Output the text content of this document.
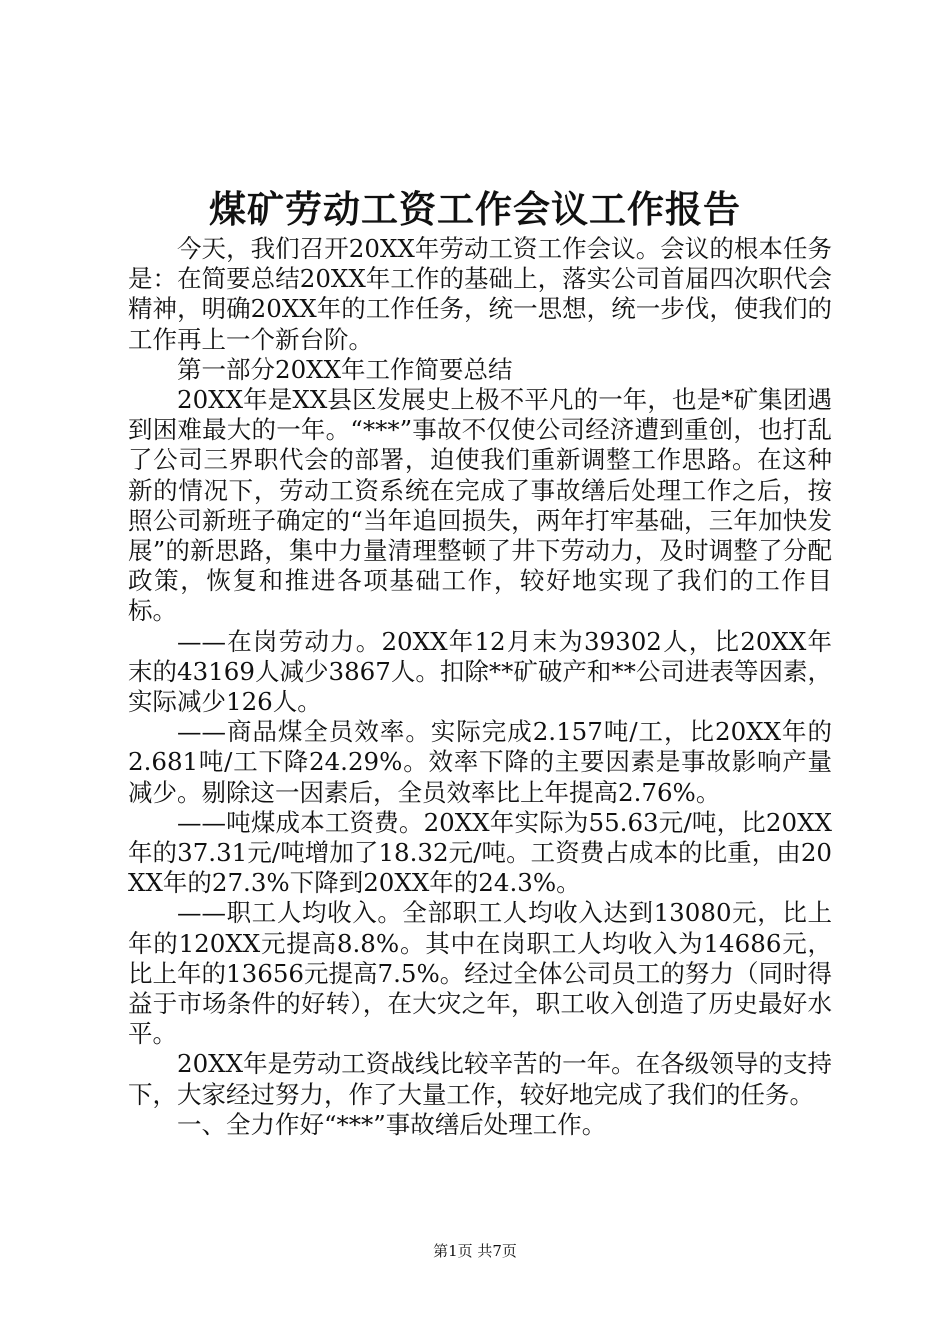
煤矿劳动工资工作会议工作报告

今天，我们召开20XX年劳动工资工作会议。会议的根本任务是：在简要总结20XX年工作的基础上，落实公司首届四次职代会精神，明确20XX年的工作任务，统一思想，统一步伐，使我们的工作再上一个新台阶。

第一部分20XX年工作简要总结

20XX年是XX县区发展史上极不平凡的一年，也是*矿集团遇到困难最大的一年。“***”事故不仅使公司经济遭到重创，也打乱了公司三界职代会的部署，迫使我们重新调整工作思路。在这种新的情况下，劳动工资系统在完成了事故缮后处理工作之后，按照公司新班子确定的“当年追回损失，两年打牢基础，三年加快发展”的新思路，集中力量清理整顿了井下劳动力，及时调整了分配政策，恢复和推进各项基础工作，较好地实现了我们的工作目标。

——在岗劳动力。20XX年12月末为39302人，比20XX年末的43169人减少3867人。扣除**矿破产和**公司进表等因素，实际减少126人。

——商品煤全员效率。实际完成2.157吨/工，比20XX年的2.681吨/工下降24.29%。效率下降的主要因素是事故影响产量减少。剔除这一因素后，全员效率比上年提高2.76%。

——吨煤成本工资费。20XX年实际为55.63元/吨，比20XX年的37.31元/吨增加了18.32元/吨。工资费占成本的比重，由20XX年的27.3%下降到20XX年的24.3%。

——职工人均收入。全部职工人均收入达到13080元，比上年的120XX元提高8.8%。其中在岗职工人均收入为14686元，比上年的13656元提高7.5%。经过全体公司员工的努力（同时得益于市场条件的好转），在大灾之年，职工收入创造了历史最好水平。

20XX年是劳动工资战线比较辛苦的一年。在各级领导的支持下，大家经过努力，作了大量工作，较好地完成了我们的任务。

一、全力作好“***”事故缮后处理工作。

第1页 共7页
